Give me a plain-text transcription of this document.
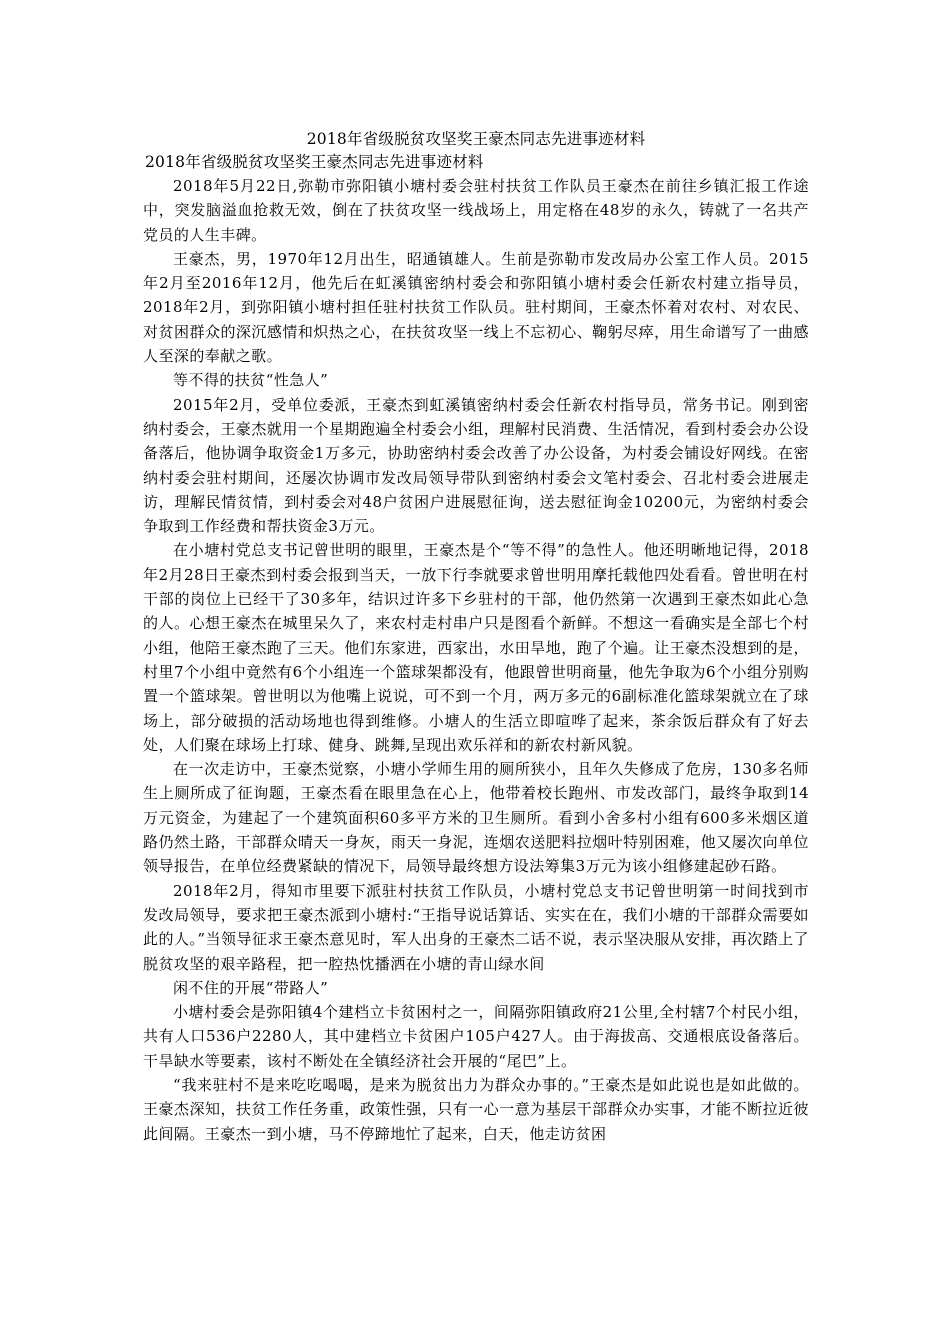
2018年省级脱贫攻坚奖王豪杰同志先进事迹材料

2018年省级脱贫攻坚奖王豪杰同志先进事迹材料

2018年5月22日,弥勒市弥阳镇小塘村委会驻村扶贫工作队员王豪杰在前往乡镇汇报工作途中，突发脑溢血抢救无效，倒在了扶贫攻坚一线战场上，用定格在48岁的永久，铸就了一名共产党员的人生丰碑。

王豪杰，男，1970年12月出生，昭通镇雄人。生前是弥勒市发改局办公室工作人员。2015年2月至2016年12月，他先后在虹溪镇密纳村委会和弥阳镇小塘村委会任新农村建立指导员，2018年2月，到弥阳镇小塘村担任驻村扶贫工作队员。驻村期间，王豪杰怀着对农村、对农民、对贫困群众的深沉感情和炽热之心，在扶贫攻坚一线上不忘初心、鞠躬尽瘁，用生命谱写了一曲感人至深的奉献之歌。

等不得的扶贫“性急人”

2015年2月，受单位委派，王豪杰到虹溪镇密纳村委会任新农村指导员，常务书记。刚到密纳村委会，王豪杰就用一个星期跑遍全村委会小组，理解村民消费、生活情况，看到村委会办公设备落后，他协调争取资金1万多元，协助密纳村委会改善了办公设备，为村委会铺设好网线。在密纳村委会驻村期间，还屡次协调市发改局领导带队到密纳村委会文笔村委会、召北村委会进展走访，理解民情贫情，到村委会对48户贫困户进展慰征询，送去慰征询金10200元，为密纳村委会争取到工作经费和帮扶资金3万元。

在小塘村党总支书记曾世明的眼里，王豪杰是个“等不得”的急性人。他还明晰地记得，2018年2月28日王豪杰到村委会报到当天，一放下行李就要求曾世明用摩托载他四处看看。曾世明在村干部的岗位上已经干了30多年，结识过许多下乡驻村的干部，他仍然第一次遇到王豪杰如此心急的人。心想王豪杰在城里呆久了，来农村走村串户只是图看个新鲜。不想这一看确实是全部七个村小组，他陪王豪杰跑了三天。他们东家进，西家出，水田旱地，跑了个遍。让王豪杰没想到的是，村里7个小组中竟然有6个小组连一个篮球架都没有，他跟曾世明商量，他先争取为6个小组分别购置一个篮球架。曾世明以为他嘴上说说，可不到一个月，两万多元的6副标准化篮球架就立在了球场上，部分破损的活动场地也得到维修。小塘人的生活立即喧哗了起来，茶余饭后群众有了好去处，人们聚在球场上打球、健身、跳舞,呈现出欢乐祥和的新农村新风貌。

在一次走访中，王豪杰觉察，小塘小学师生用的厕所狭小，且年久失修成了危房，130多名师生上厕所成了征询题，王豪杰看在眼里急在心上，他带着校长跑州、市发改部门，最终争取到14万元资金，为建起了一个建筑面积60多平方米的卫生厕所。看到小舍多村小组有600多米烟区道路仍然土路，干部群众晴天一身灰，雨天一身泥，连烟农送肥料拉烟叶特别困难，他又屡次向单位领导报告，在单位经费紧缺的情况下，局领导最终想方设法筹集3万元为该小组修建起砂石路。

2018年2月，得知市里要下派驻村扶贫工作队员，小塘村党总支书记曾世明第一时间找到市发改局领导，要求把王豪杰派到小塘村:“王指导说话算话、实实在在，我们小塘的干部群众需要如此的人。”当领导征求王豪杰意见时，军人出身的王豪杰二话不说，表示坚决服从安排，再次踏上了脱贫攻坚的艰辛路程，把一腔热忱播洒在小塘的青山绿水间

闲不住的开展“带路人”

小塘村委会是弥阳镇4个建档立卡贫困村之一，间隔弥阳镇政府21公里,全村辖7个村民小组，共有人口536户2280人，其中建档立卡贫困户105户427人。由于海拔高、交通根底设备落后。干旱缺水等要素，该村不断处在全镇经济社会开展的“尾巴”上。

“我来驻村不是来吃吃喝喝，是来为脱贫出力为群众办事的。”王豪杰是如此说也是如此做的。王豪杰深知，扶贫工作任务重，政策性强，只有一心一意为基层干部群众办实事，才能不断拉近彼此间隔。王豪杰一到小塘，马不停蹄地忙了起来，白天，他走访贫困
